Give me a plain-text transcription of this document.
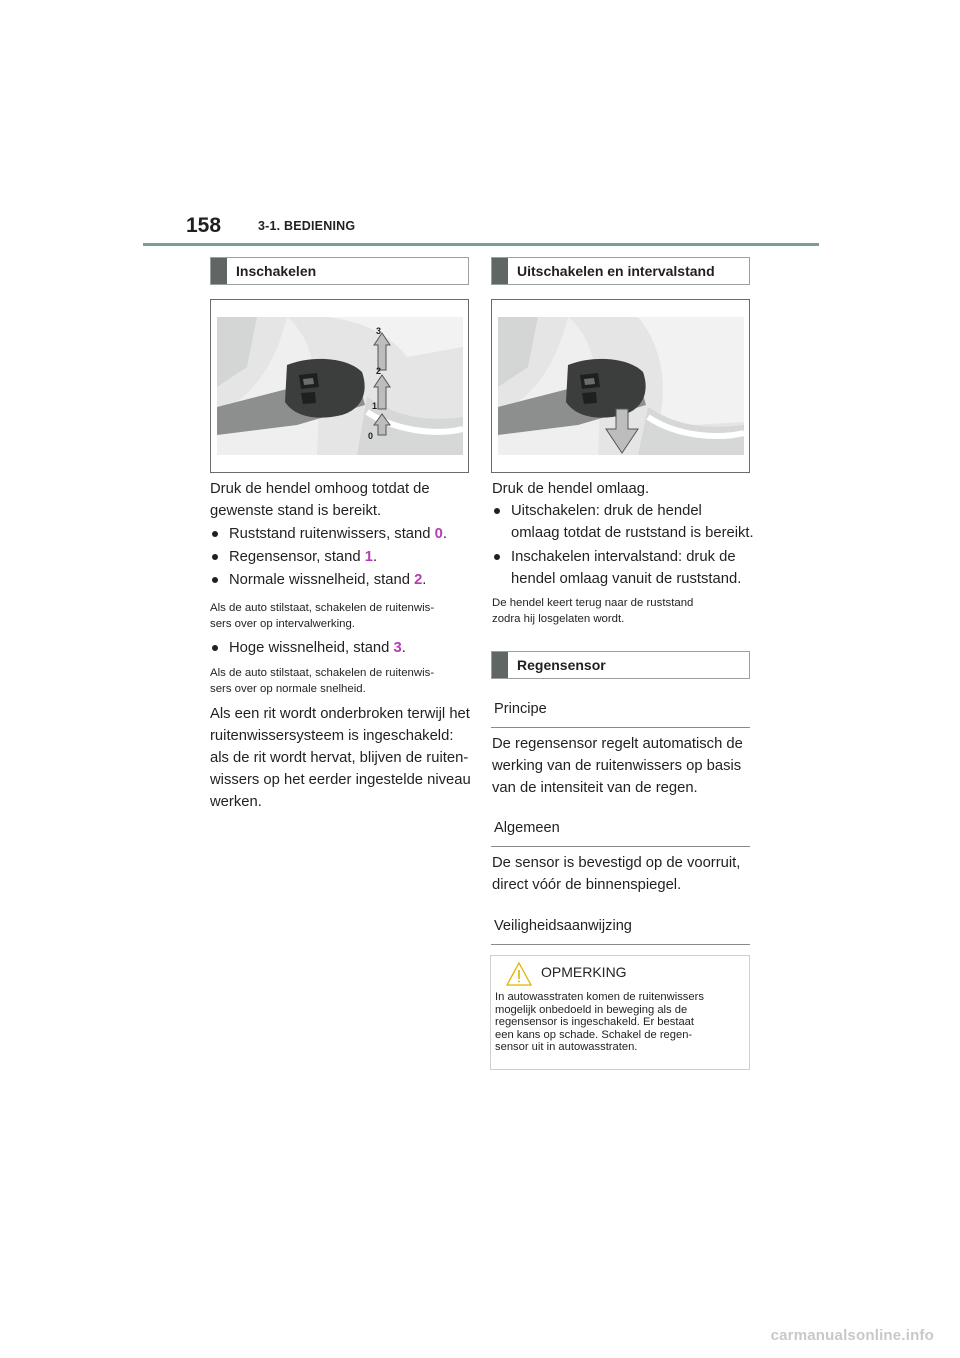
158	3-1. BEDIENING
Inschakelen
3
2
1
0
Druk de hendel omhoog totdat de
gewenste stand is bereikt.
Ruststand ruitenwissers, stand 0.
Regensensor, stand 1.
Normale wissnelheid, stand 2.
Als de auto stilstaat, schakelen de ruitenwis-
sers over op intervalwerking.
Hoge wissnelheid, stand 3.
Als de auto stilstaat, schakelen de ruitenwis-
sers over op normale snelheid.
Als een rit wordt onderbroken terwijl het
ruitenwissersysteem is ingeschakeld:
als de rit wordt hervat, blijven de ruiten-
wissers op het eerder ingestelde niveau
werken.
Uitschakelen en intervalstand
Druk de hendel omlaag.
Uitschakelen: druk de hendel
omlaag totdat de ruststand is bereikt.
Inschakelen intervalstand: druk de
hendel omlaag vanuit de ruststand.
De hendel keert terug naar de ruststand
zodra hij losgelaten wordt.
Regensensor
Principe
De regensensor regelt automatisch de
werking van de ruitenwissers op basis
van de intensiteit van de regen.
Algemeen
De sensor is bevestigd op de voorruit,
direct vóór de binnenspiegel.
Veiligheidsaanwijzing
OPMERKING
In autowasstraten komen de ruitenwissers
mogelijk onbedoeld in beweging als de
regensensor is ingeschakeld. Er bestaat
een kans op schade. Schakel de regen-
sensor uit in autowasstraten.
carmanualsonline.info
